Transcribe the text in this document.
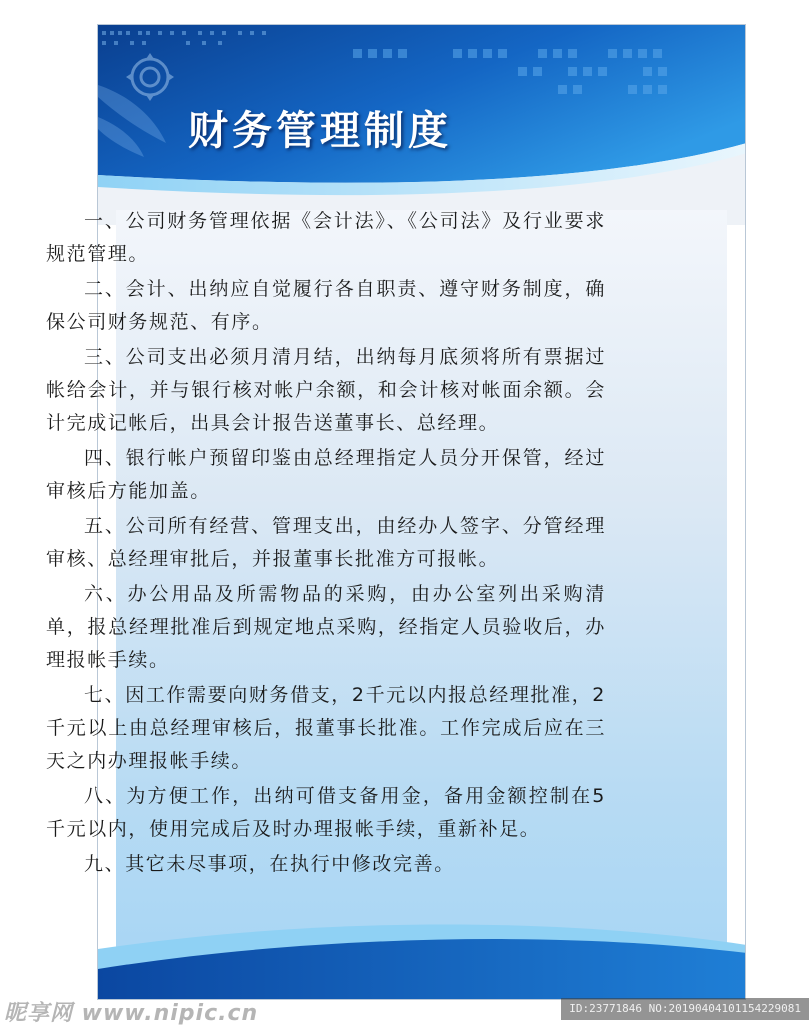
财务管理制度
一、公司财务管理依据《会计法》、《公司法》及行业要求规范管理。
二、会计、出纳应自觉履行各自职责、遵守财务制度，确保公司财务规范、有序。
三、公司支出必须月清月结，出纳每月底须将所有票据过帐给会计，并与银行核对帐户余额，和会计核对帐面余额。会计完成记帐后，出具会计报告送董事长、总经理。
四、银行帐户预留印鉴由总经理指定人员分开保管，经过审核后方能加盖。
五、公司所有经营、管理支出，由经办人签字、分管经理审核、总经理审批后，并报董事长批准方可报帐。
六、办公用品及所需物品的采购，由办公室列出采购清单，报总经理批准后到规定地点采购，经指定人员验收后，办理报帐手续。
七、因工作需要向财务借支，2千元以内报总经理批准，2千元以上由总经理审核后，报董事长批准。工作完成后应在三天之内办理报帐手续。
八、为方便工作，出纳可借支备用金，备用金额控制在5千元以内，使用完成后及时办理报帐手续，重新补足。
九、其它未尽事项，在执行中修改完善。
昵享网 www.nipic.cn	ID:23771846 NO:20190404101154229081
